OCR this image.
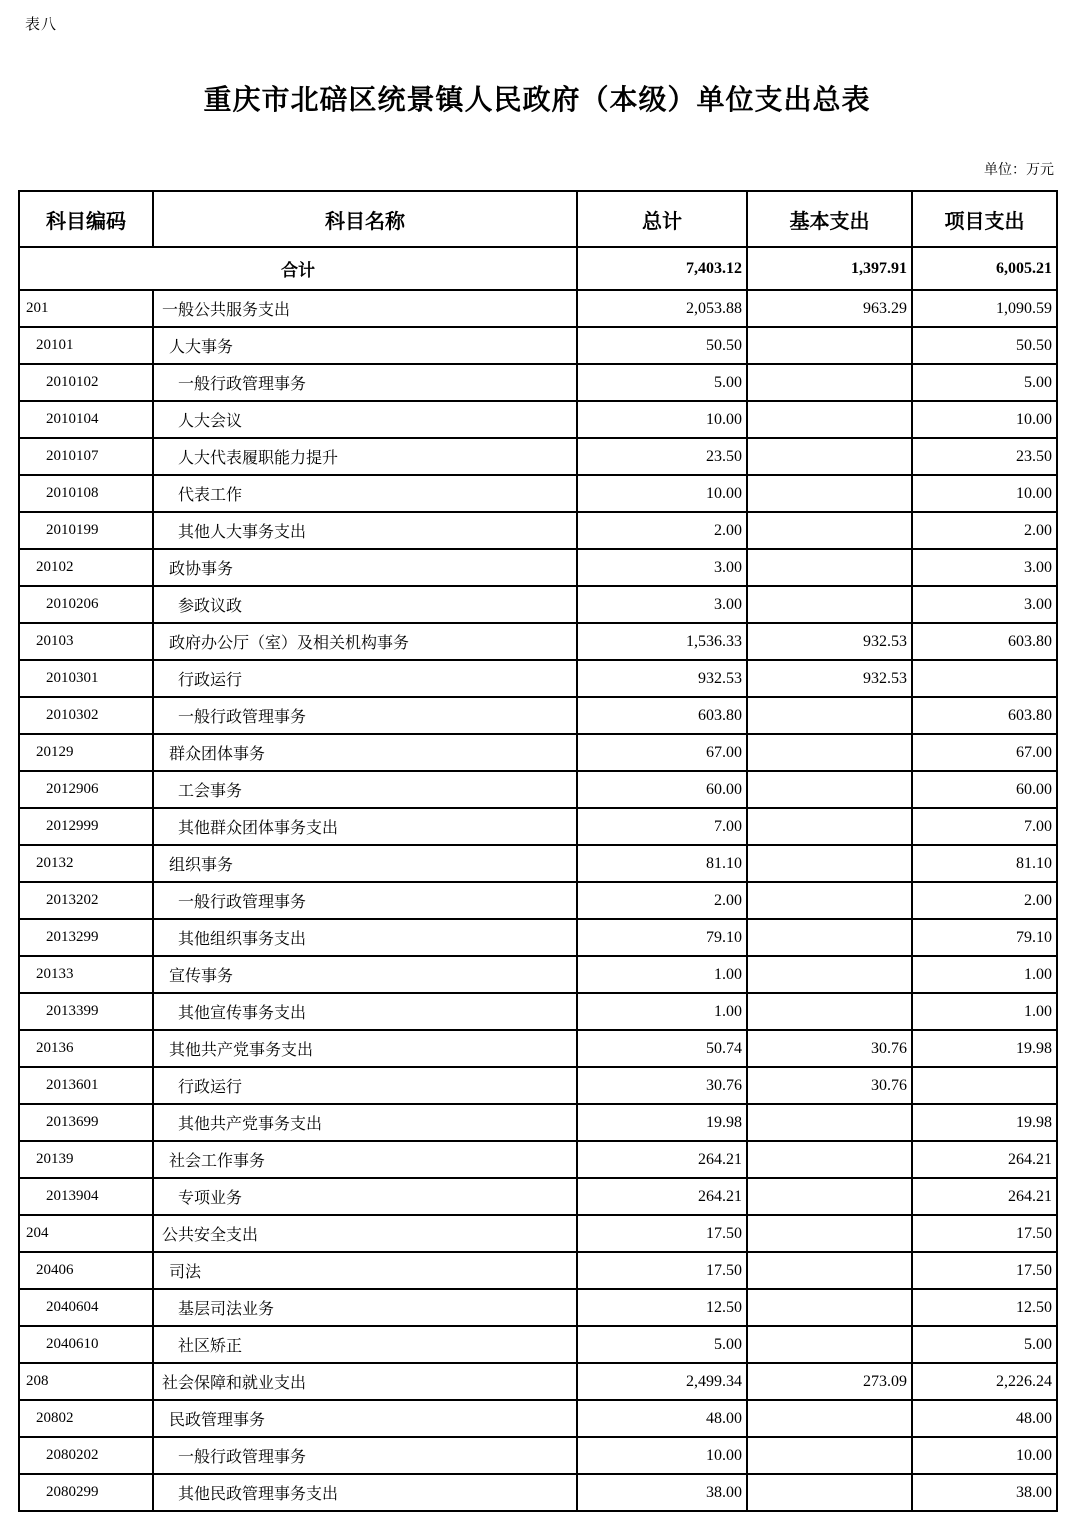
表八
重庆市北碚区统景镇人民政府（本级）单位支出总表
单位：万元
科目编码	科目名称	总计	基本支出	项目支出
合计		7,403.12	1,397.91	6,005.21
201	一般公共服务支出	2,053.88	963.29	1,090.59
20101	人大事务	50.50		50.50
2010102	一般行政管理事务	5.00		5.00
2010104	人大会议	10.00		10.00
2010107	人大代表履职能力提升	23.50		23.50
2010108	代表工作	10.00		10.00
2010199	其他人大事务支出	2.00		2.00
20102	政协事务	3.00		3.00
2010206	参政议政	3.00		3.00
20103	政府办公厅（室）及相关机构事务	1,536.33	932.53	603.80
2010301	行政运行	932.53	932.53	
2010302	一般行政管理事务	603.80		603.80
20129	群众团体事务	67.00		67.00
2012906	工会事务	60.00		60.00
2012999	其他群众团体事务支出	7.00		7.00
20132	组织事务	81.10		81.10
2013202	一般行政管理事务	2.00		2.00
2013299	其他组织事务支出	79.10		79.10
20133	宣传事务	1.00		1.00
2013399	其他宣传事务支出	1.00		1.00
20136	其他共产党事务支出	50.74	30.76	19.98
2013601	行政运行	30.76	30.76	
2013699	其他共产党事务支出	19.98		19.98
20139	社会工作事务	264.21		264.21
2013904	专项业务	264.21		264.21
204	公共安全支出	17.50		17.50
20406	司法	17.50		17.50
2040604	基层司法业务	12.50		12.50
2040610	社区矫正	5.00		5.00
208	社会保障和就业支出	2,499.34	273.09	2,226.24
20802	民政管理事务	48.00		48.00
2080202	一般行政管理事务	10.00		10.00
2080299	其他民政管理事务支出	38.00		38.00
